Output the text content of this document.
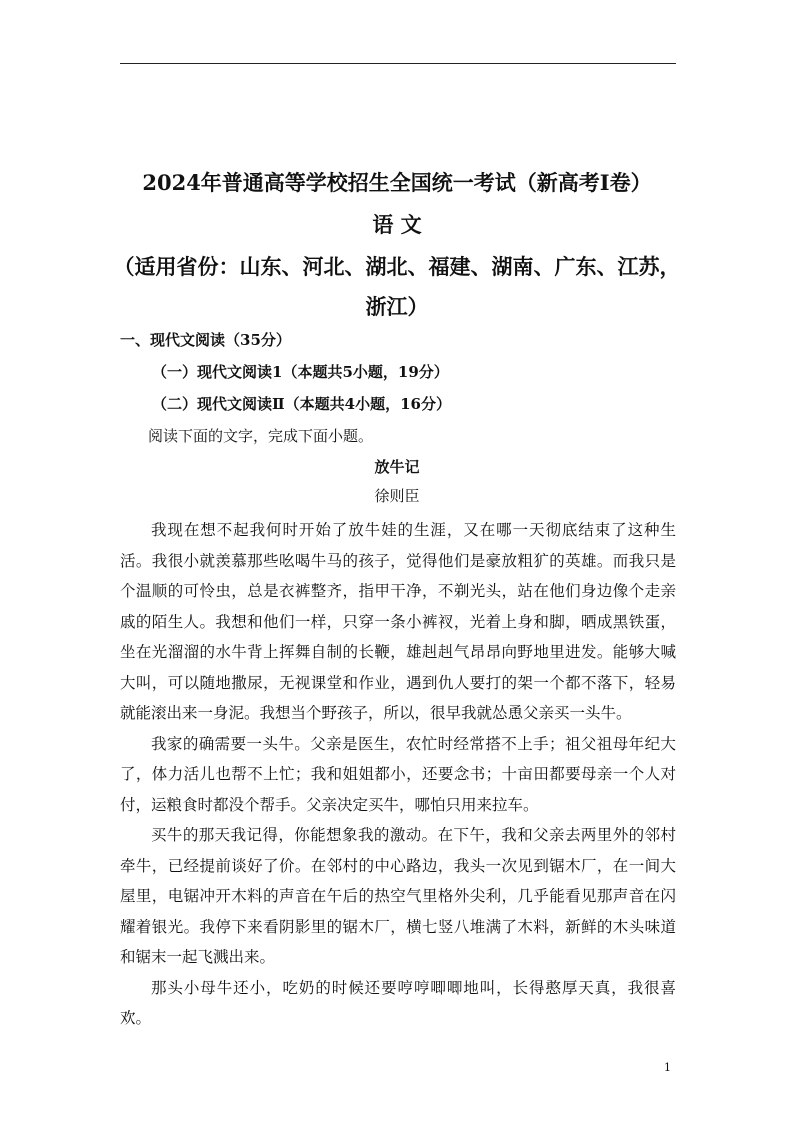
2024年普通高等学校招生全国统一考试（新高考Ⅰ卷）
语 文
（适用省份：山东、河北、湖北、福建、湖南、广东、江苏，
浙江）
一、现代文阅读（35分）
（一）现代文阅读1（本题共5小题，19分）
（二）现代文阅读Ⅱ（本题共4小题，16分）
阅读下面的文字，完成下面小题。
放牛记
徐则臣

我现在想不起我何时开始了放牛娃的生涯，又在哪一天彻底结束了这种生活。我很小就羡慕那些吆喝牛马的孩子，觉得他们是豪放粗犷的英雄。而我只是个温顺的可怜虫，总是衣裤整齐，指甲干净，不剃光头，站在他们身边像个走亲戚的陌生人。我想和他们一样，只穿一条小裤衩，光着上身和脚，晒成黑铁蛋，坐在光溜溜的水牛背上挥舞自制的长鞭，雄赳赳气昂昂向野地里进发。能够大喊大叫，可以随地撒尿，无视课堂和作业，遇到仇人要打的架一个都不落下，轻易就能滚出来一身泥。我想当个野孩子，所以，很早我就怂恿父亲买一头牛。

我家的确需要一头牛。父亲是医生，农忙时经常搭不上手；祖父祖母年纪大了，体力活儿也帮不上忙；我和姐姐都小，还要念书；十亩田都要母亲一个人对付，运粮食时都没个帮手。父亲决定买牛，哪怕只用来拉车。

买牛的那天我记得，你能想象我的激动。在下午，我和父亲去两里外的邻村牵牛，已经提前谈好了价。在邻村的中心路边，我头一次见到锯木厂，在一间大屋里，电锯冲开木料的声音在午后的热空气里格外尖利，几乎能看见那声音在闪耀着银光。我停下来看阴影里的锯木厂，横七竖八堆满了木料，新鲜的木头味道和锯末一起飞溅出来。

那头小母牛还小，吃奶的时候还要哼哼唧唧地叫，长得憨厚天真，我很喜欢。

1
